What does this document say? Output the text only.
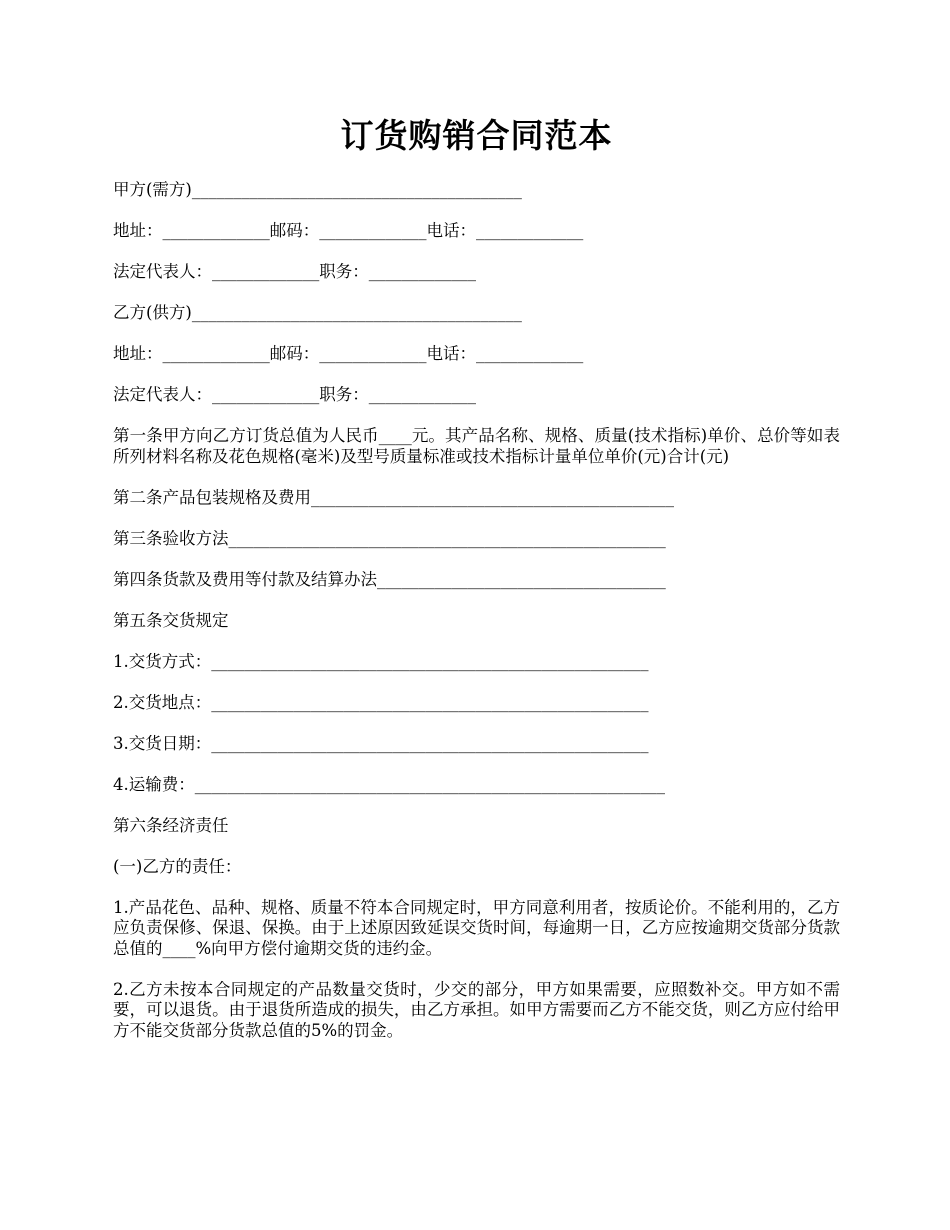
订货购销合同范本
甲方(需方)________________________________________
地址：_____________邮码：_____________电话：_____________
法定代表人：_____________职务：_____________
乙方(供方)________________________________________
地址：_____________邮码：_____________电话：_____________
法定代表人：_____________职务：_____________
第一条甲方向乙方订货总值为人民币____元。其产品名称、规格、质量(技术指标)单价、总价等如表所列材料名称及花色规格(毫米)及型号质量标准或技术指标计量单位单价(元)合计(元)
第二条产品包装规格及费用____________________________________________
第三条验收方法_____________________________________________________
第四条货款及费用等付款及结算办法___________________________________
第五条交货规定
1.交货方式：_____________________________________________________
2.交货地点：_____________________________________________________
3.交货日期：_____________________________________________________
4.运输费：_________________________________________________________
第六条经济责任
(一)乙方的责任：
1.产品花色、品种、规格、质量不符本合同规定时，甲方同意利用者，按质论价。不能利用的，乙方应负责保修、保退、保换。由于上述原因致延误交货时间，每逾期一日，乙方应按逾期交货部分货款总值的____%向甲方偿付逾期交货的违约金。
2.乙方未按本合同规定的产品数量交货时，少交的部分，甲方如果需要，应照数补交。甲方如不需要，可以退货。由于退货所造成的损失，由乙方承担。如甲方需要而乙方不能交货，则乙方应付给甲方不能交货部分货款总值的5%的罚金。
